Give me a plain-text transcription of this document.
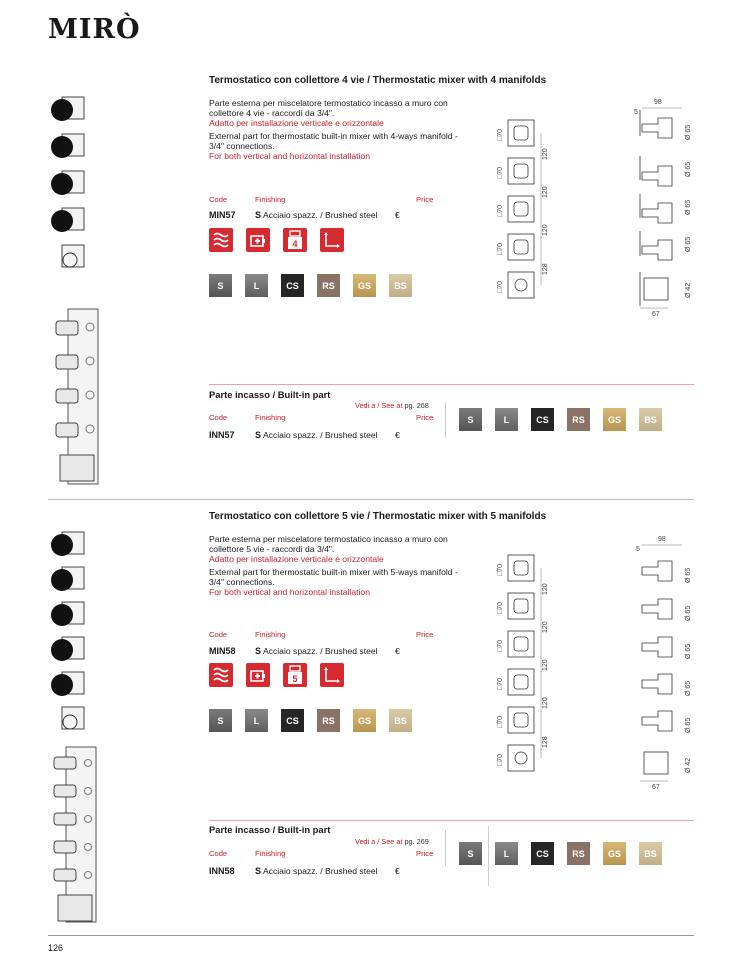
MIRÒ
Termostatico con collettore 4 vie / Thermostatic mixer with 4 manifolds

Parte esterna per miscelatore termostatico incasso a muro con collettore 4 vie - raccordi da 3/4".
Adatto per installazione verticale e orizzontale

External part for thermostatic built-in mixer with 4-ways manifold - 3/4" connections.
For both vertical and horizontal installation

Code	Finishing	Price
MIN57 S Acciaio spazz. / Brushed steel €
4
S	L	CS	RS	GS	BS
Parte incasso / Built-in part
Vedi a / See at pg. 268
Code	Finishing	Price
INN57 S Acciaio spazz. / Brushed steel €
S	L	CS	RS	GS	BS
Termostatico con collettore 5 vie / Thermostatic mixer with 5 manifolds

Parte esterna per miscelatore termostatico incasso a muro con collettore 5 vie - raccordi da 3/4".
Adatto per installazione verticale e orizzontale

External part for thermostatic built-in mixer with 5-ways manifold - 3/4" connections.
For both vertical and horizontal installation

Code	Finishing	Price
MIN58 S Acciaio spazz. / Brushed steel €
5
S	L	CS	RS	GS	BS
Parte incasso / Built-in part
Vedi a / See at pg. 269
Code	Finishing	Price
INN58 S Acciaio spazz. / Brushed steel €
S	L	CS	RS	GS	BS
□70
□70
□70
□70
□70
120
120
120
128
□70
□70
□70
□70
□70
□70
120
120
120
120
128
98
5
Ø 65
Ø 65
Ø 65
Ø 65
Ø 42
67
98
5
Ø 65
Ø 65
Ø 65
Ø 65
Ø 65
Ø 42
67
126
